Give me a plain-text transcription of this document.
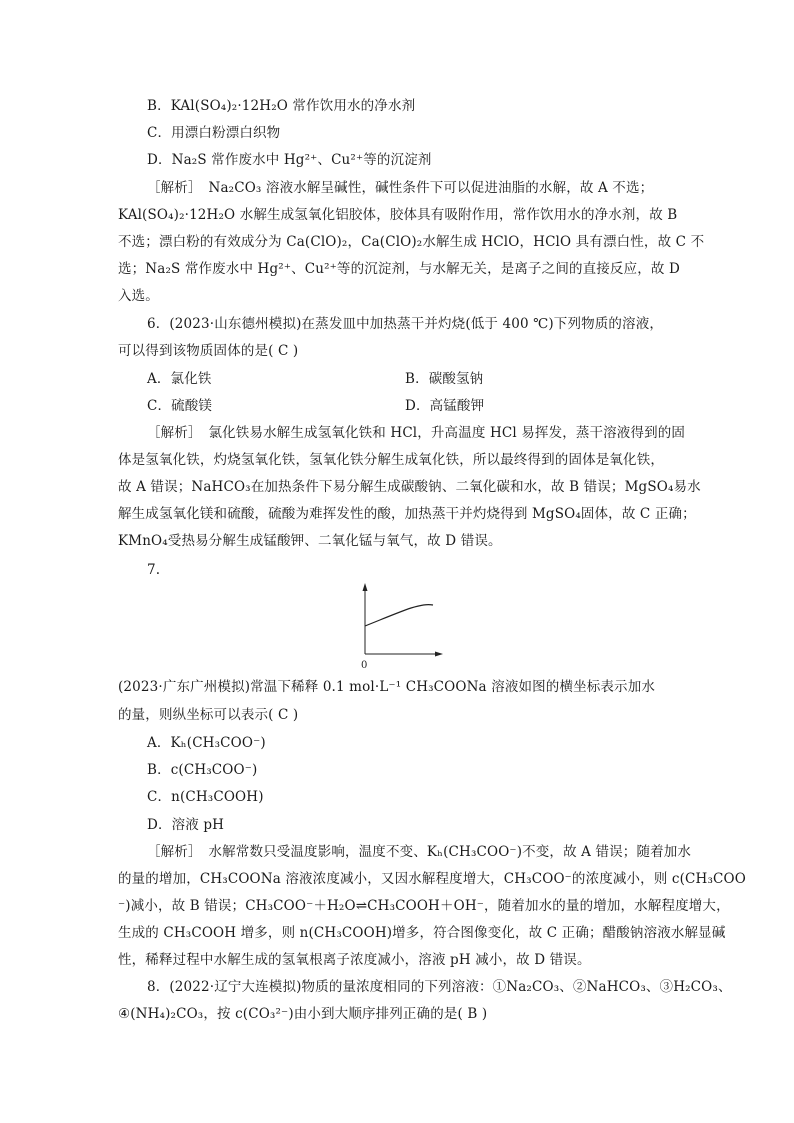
B．KAl(SO₄)₂·12H₂O 常作饮用水的净水剂
C．用漂白粉漂白织物
D．Na₂S 常作废水中 Hg²⁺、Cu²⁺等的沉淀剂
［解析］　Na₂CO₃ 溶液水解呈碱性，碱性条件下可以促进油脂的水解，故 A 不选；
KAl(SO₄)₂·12H₂O 水解生成氢氧化铝胶体，胶体具有吸附作用，常作饮用水的净水剂，故 B
不选；漂白粉的有效成分为 Ca(ClO)₂，Ca(ClO)₂水解生成 HClO，HClO 具有漂白性，故 C 不
选；Na₂S 常作废水中 Hg²⁺、Cu²⁺等的沉淀剂，与水解无关，是离子之间的直接反应，故 D
入选。
6．(2023·山东德州模拟)在蒸发皿中加热蒸干并灼烧(低于 400 ℃)下列物质的溶液，
可以得到该物质固体的是( C )
A．氯化铁	B．碳酸氢钠
C．硫酸镁	D．高锰酸钾
［解析］　氯化铁易水解生成氢氧化铁和 HCl，升高温度 HCl 易挥发，蒸干溶液得到的固
体是氢氧化铁，灼烧氢氧化铁，氢氧化铁分解生成氧化铁，所以最终得到的固体是氧化铁，
故 A 错误；NaHCO₃在加热条件下易分解生成碳酸钠、二氧化碳和水，故 B 错误；MgSO₄易水
解生成氢氧化镁和硫酸，硫酸为难挥发性的酸，加热蒸干并灼烧得到 MgSO₄固体，故 C 正确；
KMnO₄受热易分解生成锰酸钾、二氧化锰与氧气，故 D 错误。
7.
0
(2023·广东广州模拟)常温下稀释 0.1 mol·L⁻¹ CH₃COONa 溶液如图的横坐标表示加水
的量，则纵坐标可以表示( C )
A．Kₕ(CH₃COO⁻)
B．c(CH₃COO⁻)
C．n(CH₃COOH)
D．溶液 pH
［解析］　水解常数只受温度影响，温度不变、Kₕ(CH₃COO⁻)不变，故 A 错误；随着加水
的量的增加，CH₃COONa 溶液浓度减小，又因水解程度增大，CH₃COO⁻的浓度减小，则 c(CH₃COO
⁻)减小，故 B 错误；CH₃COO⁻＋H₂O⇌CH₃COOH＋OH⁻，随着加水的量的增加，水解程度增大，
生成的 CH₃COOH 增多，则 n(CH₃COOH)增多，符合图像变化，故 C 正确；醋酸钠溶液水解显碱
性，稀释过程中水解生成的氢氧根离子浓度减小，溶液 pH 减小，故 D 错误。
8．(2022·辽宁大连模拟)物质的量浓度相同的下列溶液：①Na₂CO₃、②NaHCO₃、③H₂CO₃、
④(NH₄)₂CO₃，按 c(CO₃²⁻)由小到大顺序排列正确的是( B )
